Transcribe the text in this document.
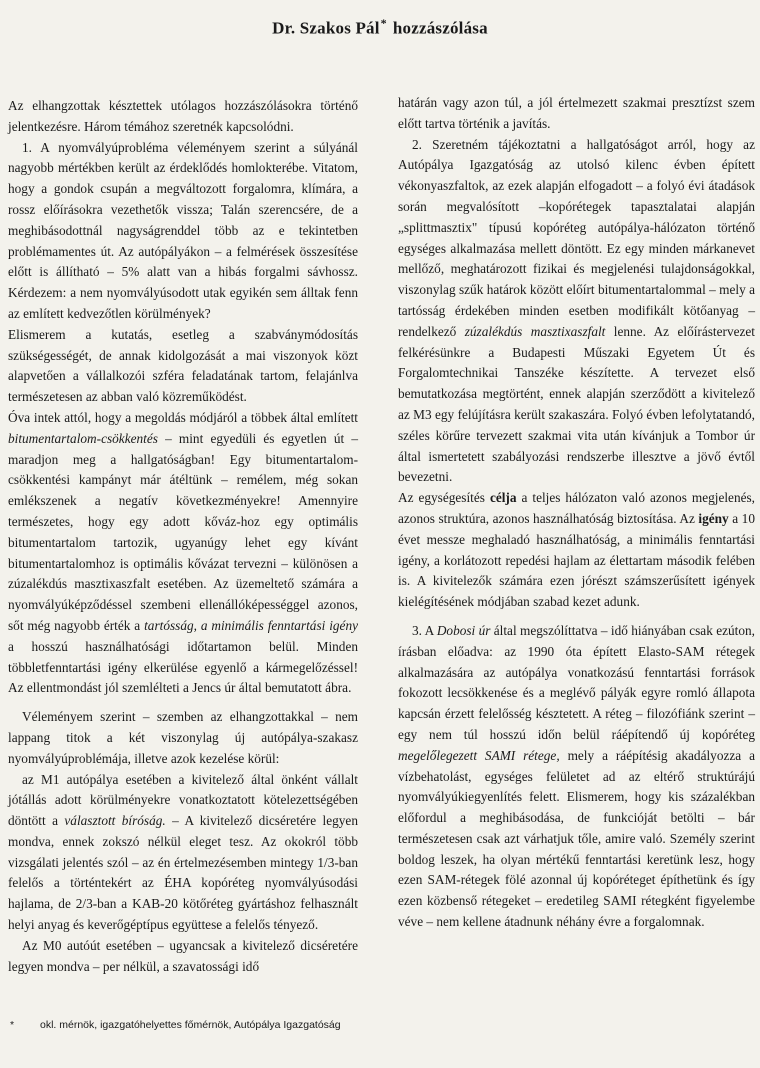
Dr. Szakos Pál* hozzászólása

Az elhangzottak késztettek utólagos hozzászólásokra történő jelentkezésre. Három témához szeretnék kapcsolódni.

1. A nyomvályúprobléma véleményem szerint a súlyánál nagyobb mértékben került az érdeklődés homlokterébe. Vitatom, hogy a gondok csupán a megváltozott forgalomra, klímára, a rossz előírásokra vezethetők vissza; Talán szerencsére, de a meghibásodottnál nagyságrenddel több az e tekintetben problémamentes út. Az autópályákon – a felmérések összesítése előtt is állítható – 5% alatt van a hibás forgalmi sávhossz. Kérdezem: a nem nyomvályúsodott utak egyikén sem álltak fenn az említett kedvezőtlen körülmények?

Elismerem a kutatás, esetleg a szabványmódosítás szükségességét, de annak kidolgozását a mai viszonyok közt alapvetően a vállalkozói szféra feladatának tartom, felajánlva természetesen az abban való közreműködést.

Óva intek attól, hogy a megoldás módjáról a többek által említett bitumentartalom-csökkentés – mint egyedüli és egyetlen út – maradjon meg a hallgatóságban! Egy bitumentartalom-csökkentési kampányt már átéltünk – remélem, még sokan emlékszenek a negatív következményekre! Amennyire természetes, hogy egy adott kőváz-hoz egy optimális bitumentartalom tartozik, ugyanúgy lehet egy kívánt bitumentartalomhoz is optimális kővázat tervezni – különösen a zúzalékdús masztixaszfalt esetében. Az üzemeltető számára a nyomvályúképződéssel szembeni ellenállóképességgel azonos, sőt még nagyobb érték a tartósság, a minimális fenntartási igény a hosszú használhatósági időtartamon belül. Minden többletfenntartási igény elkerülése egyenlő a kármegelőzéssel! Az ellentmondást jól szemlélteti a Jencs úr által bemutatott ábra.

Véleményem szerint – szemben az elhangzottakkal – nem lappang titok a két viszonylag új autópálya-szakasz nyomvályúproblémája, illetve azok kezelése körül:

az M1 autópálya esetében a kivitelező által önként vállalt jótállás adott körülményekre vonatkoztatott kötelezettségében döntött a választott bíróság. – A kivitelező dicséretére legyen mondva, ennek zokszó nélkül eleget tesz. Az okokról több vizsgálati jelentés szól – az én értelmezésemben mintegy 1/3-ban felelős a történtekért az ÉHA kopóréteg nyomvályúsodási hajlama, de 2/3-ban a KAB-20 kötőréteg gyártáshoz felhasznált helyi anyag és keverőgéptípus együttese a felelős tényező.

Az M0 autóút esetében – ugyancsak a kivitelező dicséretére legyen mondva – per nélkül, a szavatossági idő

határán vagy azon túl, a jól értelmezett szakmai presztízst szem előtt tartva történik a javítás.

2. Szeretném tájékoztatni a hallgatóságot arról, hogy az Autópálya Igazgatóság az utolsó kilenc évben épített vékonyaszfaltok, az ezek alapján elfogadott – a folyó évi átadások során megvalósított –kopórétegek tapasztalatai alapján „splittmasztix" típusú kopóréteg autópálya-hálózaton történő egységes alkalmazása mellett döntött. Ez egy minden márkanevet mellőző, meghatározott fizikai és megjelenési tulajdonságokkal, viszonylag szűk határok között előírt bitumentartalommal – mely a tartósság érdekében minden esetben modifikált kötőanyag – rendelkező zúzalékdús masztixaszfalt lenne. Az előírástervezet felkérésünkre a Budapesti Műszaki Egyetem Út és Forgalomtechnikai Tanszéke készítette. A tervezet első bemutatkozása megtörtént, ennek alapján szerződött a kivitelező az M3 egy felújításra került szakaszára. Folyó évben lefolytatandó, széles körűre tervezett szakmai vita után kívánjuk a Tombor úr által ismertetett szabályozási rendszerbe illesztve a jövő évtől bevezetni.

Az egységesítés célja a teljes hálózaton való azonos megjelenés, azonos struktúra, azonos használhatóság biztosítása. Az igény a 10 évet messze meghaladó használhatóság, a minimális fenntartási igény, a korlátozott repedési hajlam az élettartam második felében is. A kivitelezők számára ezen jórészt számszerűsített igények kielégítésének módjában szabad kezet adunk.

3. A Dobosi úr által megszólíttatva – idő hiányában csak ezúton, írásban előadva: az 1990 óta épített Elasto-SAM rétegek alkalmazására az autópálya vonatkozású fenntartási források fokozott lecsökkenése és a meglévő pályák egyre romló állapota kapcsán érzett felelősség késztetett. A réteg – filozófiánk szerint – egy nem túl hosszú időn belül ráépítendő új kopóréteg megelőlegezett SAMI rétege, mely a ráépítésig akadályozza a vízbehatolást, egységes felületet ad az eltérő struktúrájú nyomvályúkiegyenlítés felett. Elismerem, hogy kis százalékban előfordul a meghibásodása, de funkcióját betölti – bár természetesen csak azt várhatjuk tőle, amire való. Személy szerint boldog leszek, ha olyan mértékű fenntartási keretünk lesz, hogy ezen SAM-rétegek fölé azonnal új kopóréteget építhetünk és így ezen közbenső rétegeket – eredetileg SAMI rétegként figyelembe véve – nem kellene átadnunk néhány évre a forgalomnak.

* okl. mérnök, igazgatóhelyettes főmérnök, Autópálya Igazgatóság
